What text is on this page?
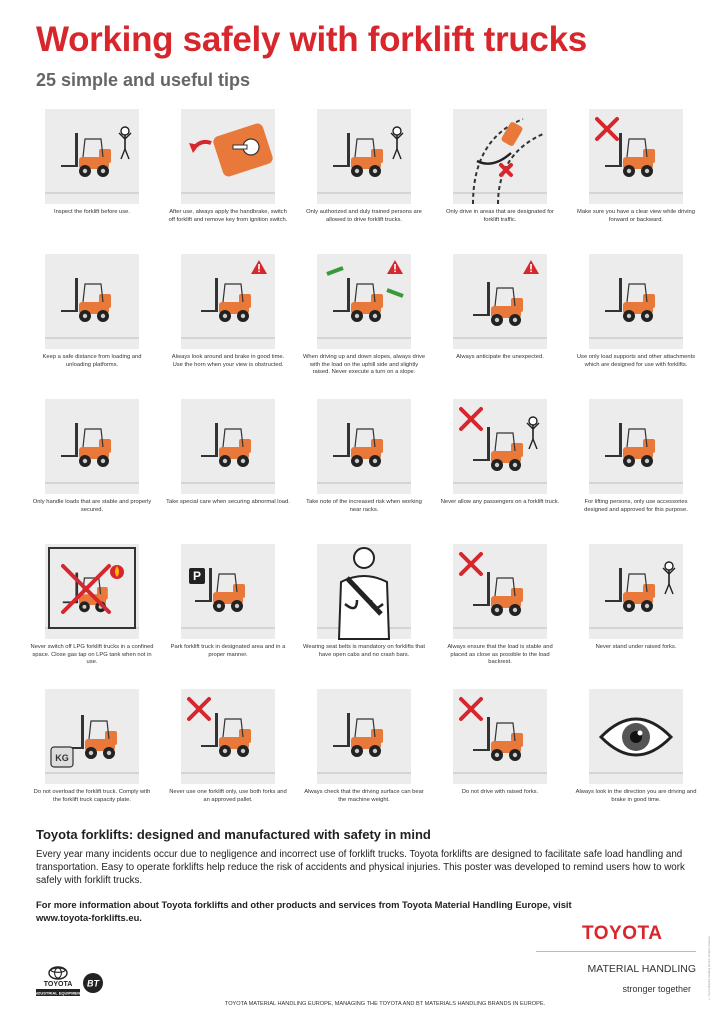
Working safely with forklift trucks
25 simple and useful tips

Inspect the forklift before use.	After use, always apply the handbrake, switch off forklift and remove key from ignition switch.

Only authorized and duly trained persons are allowed to drive forklift trucks.

Only drive in areas that are designated for forklift traffic.

Make sure you have a clear view while driving forward or backward.

Keep a safe distance from loading and unloading platforms.

Always look around and brake in good time. Use the horn when your view is obstructed.

When driving up and down slopes, always drive with the load on the uphill side and slightly raised. Never execute a turn on a slope.

Always anticipate the unexpected.	Use only load supports and other attachments which are designed for use with forklifts.

Only handle loads that are stable and properly secured.

Take special care when securing abnormal load.	Take note of the increased risk when working near racks.

Never allow any passengers on a forklift truck.	For lifting persons, only use accessories designed and approved for this purpose.

Never switch off LPG forklift trucks in a confined space. Close gas tap on LPG tank when not in use.

P

Park forklift truck in designated area and in a proper manner.

Wearing seat belts is mandatory on forklifts that have open cabs and no crash bars.

Always ensure that the load is stable and placed as close as possible to the load backrest.

Never stand under raised forks.

KG

Do not overload the forklift truck. Comply with the forklift truck capacity plate.

Never use one forklift only, use both forks and an approved pallet.

Always check that the driving surface can bear the machine weight.

Do not drive with raised forks.	Always look in the direction you are driving and brake in good time.

© Toyota Material Handling Europe. All rights reserved.
Toyota forklifts: designed and manufactured with safety in mind

Every year many incidents occur due to negligence and incorrect use of forklift trucks. Toyota forklifts are designed to facilitate safe load handling and transportation. Easy to operate forklifts help reduce the risk of accidents and physical injuries. This poster was developed to remind users how to work safely with forklift trucks.

For more information about Toyota forklifts and other products and services from Toyota Material Handling Europe, visit www.toyota-forklifts.eu.

TOYOTA
MATERIAL HANDLING
stronger together
TOYOTA
INDUSTRIAL EQUIPMENT
BT
TOYOTA MATERIAL HANDLING EUROPE, MANAGING THE TOYOTA AND BT MATERIALS HANDLING BRANDS IN EUROPE.
